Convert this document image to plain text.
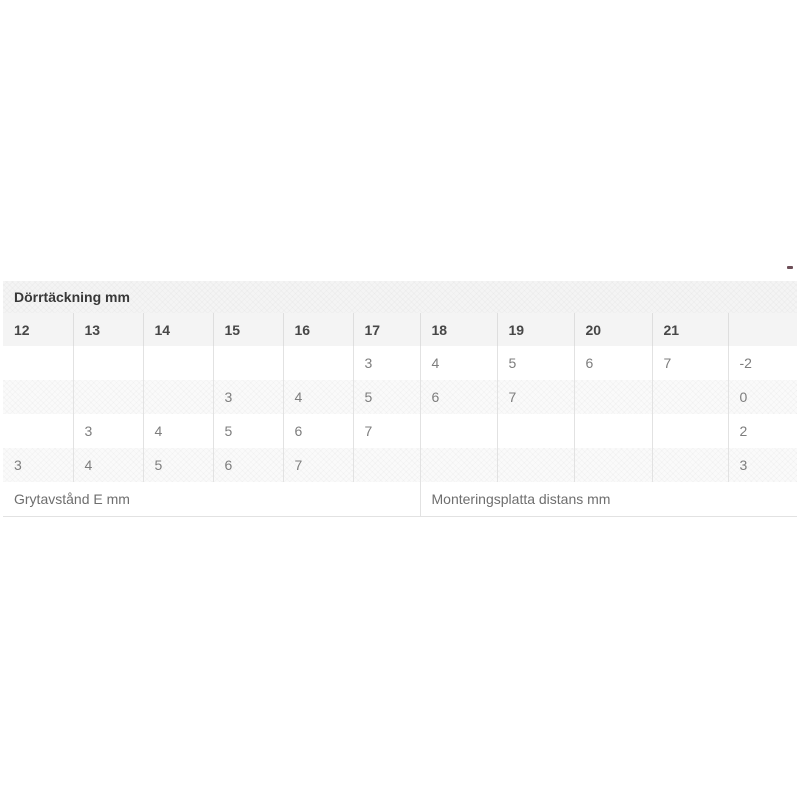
Dörrtäckning mm										
12	13	14	15	16	17	18	19	20	21	
					3	4	5	6	7	-2
			3	4	5	6	7			0
	3	4	5	6	7					2
3	4	5	6	7						3
Grytavstånd E mm						Monteringsplatta distans mm				
